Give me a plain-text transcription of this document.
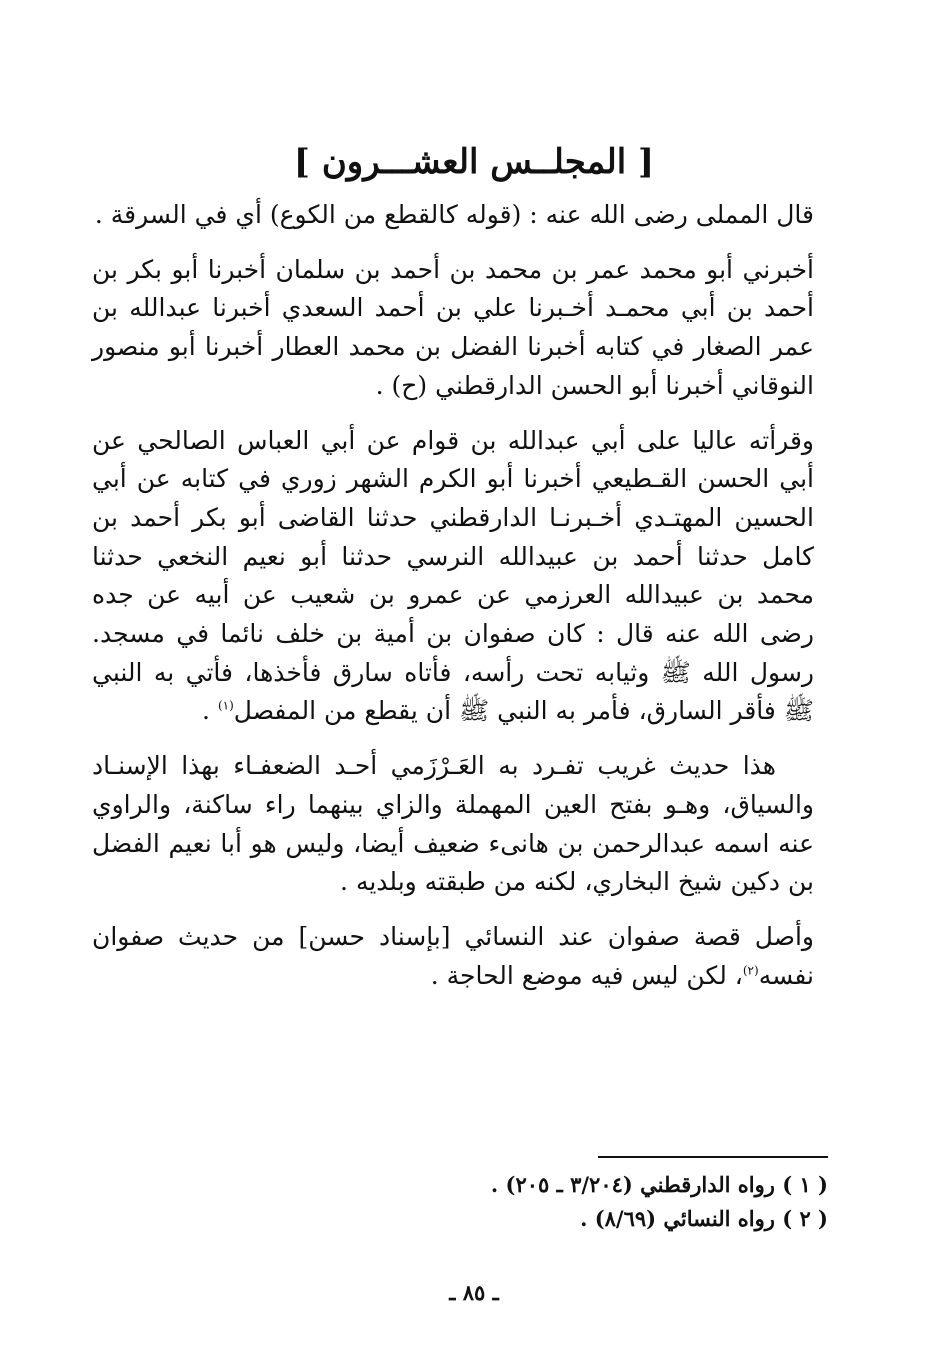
[ المجلــس العشـــرون ]

قال المملى رضى الله عنه : (قوله كالقطع من الكوع) أي في السرقة .

أخبرني أبو محمد عمر بن محمد بن أحمد بن سلمان أخبرنا أبو بكر بن أحمد بن أبي محمـد أخـبرنا علي بن أحمد السعدي أخبرنا عبدالله بن عمر الصغار في كتابه أخبرنا الفضل بن محمد العطار أخبرنا أبو منصور النوقاني أخبرنا أبو الحسن الدارقطني (ح) .

وقرأته عاليا على أبي عبدالله بن قوام عن أبي العباس الصالحي عن أبي الحسن القـطيعي أخبرنا أبو الكرم الشهر زوري في كتابه عن أبي الحسين المهتـدي أخـبرنـا الدارقطني حدثنا القاضى أبو بكر أحمد بن كامل حدثنا أحمد بن عبيدالله النرسي حدثنا أبو نعيم النخعي حدثنا محمد بن عبيدالله العرزمي عن عمرو بن شعيب عن أبيه عن جده رضى الله عنه قال : كان صفوان بن أمية بن خلف نائما في مسجد. رسول الله ﷺ وثيابه تحت رأسه، فأتاه سارق فأخذها، فأتي به النبي ﷺ فأقر السارق، فأمر به النبي ﷺ أن يقطع من المفصل$^{(١)}$ .

هذا حديث غريب تفـرد به العَـرْزَمي أحـد الضعفـاء بهذا الإسنـاد والسياق، وهـو بفتح العين المهملة والزاي بينهما راء ساكنة، والراوي عنه اسمه عبدالرحمن بن هانىء ضعيف أيضا، وليس هو أبا نعيم الفضل بن دكين شيخ البخاري، لكنه من طبقته وبلديه .

وأصل قصة صفوان عند النسائي [بإسناد حسن] من حديث صفوان نفسه$^{(٢)}$، لكن ليس فيه موضع الحاجة .

( ١ ) رواه الدارقطني (٣/٢٠٤ ـ ٢٠٥) .
( ٢ ) رواه النسائي (٨/٦٩) .
ـ ٨٥ ـ
